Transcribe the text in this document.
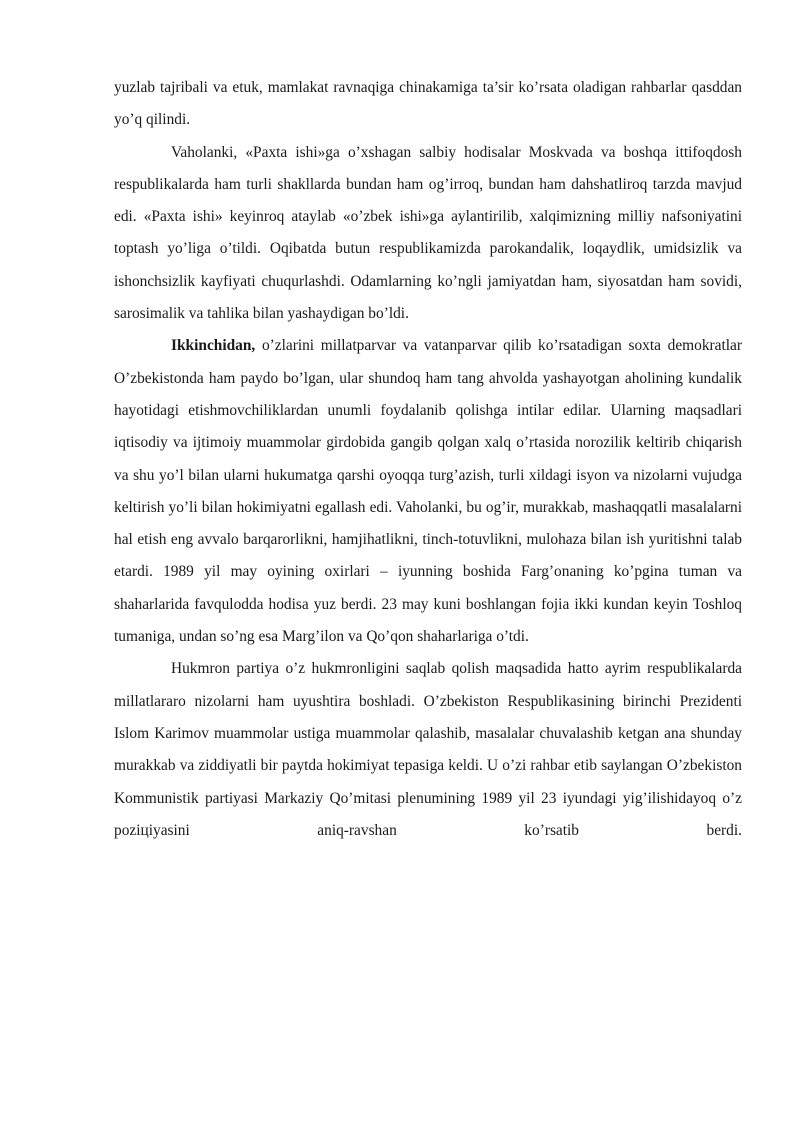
yuzlab tajribali va etuk, mamlakat ravnaqiga chinakamiga ta’sir ko’rsata oladigan rahbarlar qasddan yo’q qilindi.

Vaholanki, «Paxta ishi»ga o’xshagan salbiy hodisalar Moskvada va boshqa ittifoqdosh respublikalarda ham turli shakllarda bundan ham og’irroq, bundan ham dahshatliroq tarzda mavjud edi. «Paxta ishi» keyinroq ataylab «o’zbek ishi»ga aylantirilib, xalqimizning milliy nafsoniyatini toptash yo’liga o’tildi. Oqibatda butun respublikamizda parokandalik, loqaydlik, umidsizlik va ishonchsizlik kayfiyati chuqurlashdi. Odamlarning ko’ngli jamiyatdan ham, siyosatdan ham sovidi, sarosimalik va tahlika bilan yashaydigan bo’ldi.

Ikkinchidan, o’zlarini millatparvar va vatanparvar qilib ko’rsatadigan soxta demokratlar O’zbekistonda ham paydo bo’lgan, ular shundoq ham tang ahvolda yashayotgan aholining kundalik hayotidagi etishmovchiliklardan unumli foydalanib qolishga intilar edilar. Ularning maqsadlari iqtisodiy va ijtimoiy muammolar girdobida gangib qolgan xalq o’rtasida norozilik keltirib chiqarish va shu yo’l bilan ularni hukumatga qarshi oyoqqa turg’azish, turli xildagi isyon va nizolarni vujudga keltirish yo’li bilan hokimiyatni egallash edi. Vaholanki, bu og’ir, murakkab, mashaqqatli masalalarni hal etish eng avvalo barqarorlikni, hamjihatlikni, tinch-totuvlikni, mulohaza bilan ish yuritishni talab etardi. 1989 yil may oyining oxirlari – iyunning boshida Farg’onaning ko’pgina tuman va shaharlarida favqulodda hodisa yuz berdi. 23 may kuni boshlangan fojia ikki kundan keyin Toshloq tumaniga, undan so’ng esa Marg’ilon va Qo’qon shaharlariga o’tdi.

Hukmron partiya o’z hukmronligini saqlab qolish maqsadida hatto ayrim respublikalarda millatlararo nizolarni ham uyushtira boshladi. O’zbekiston Respublikasining birinchi Prezidenti Islom Karimov muammolar ustiga muammolar qalashib, masalalar chuvalashib ketgan ana shunday murakkab va ziddiyatli bir paytda hokimiyat tepasiga keldi. U o’zi rahbar etib saylangan O’zbekiston Kommunistik partiyasi Markaziy Qo’mitasi plenumining 1989 yil 23 iyundagi yig’ilishidayoq o’z poziцiyasini aniq-ravshan ko’rsatib berdi.
